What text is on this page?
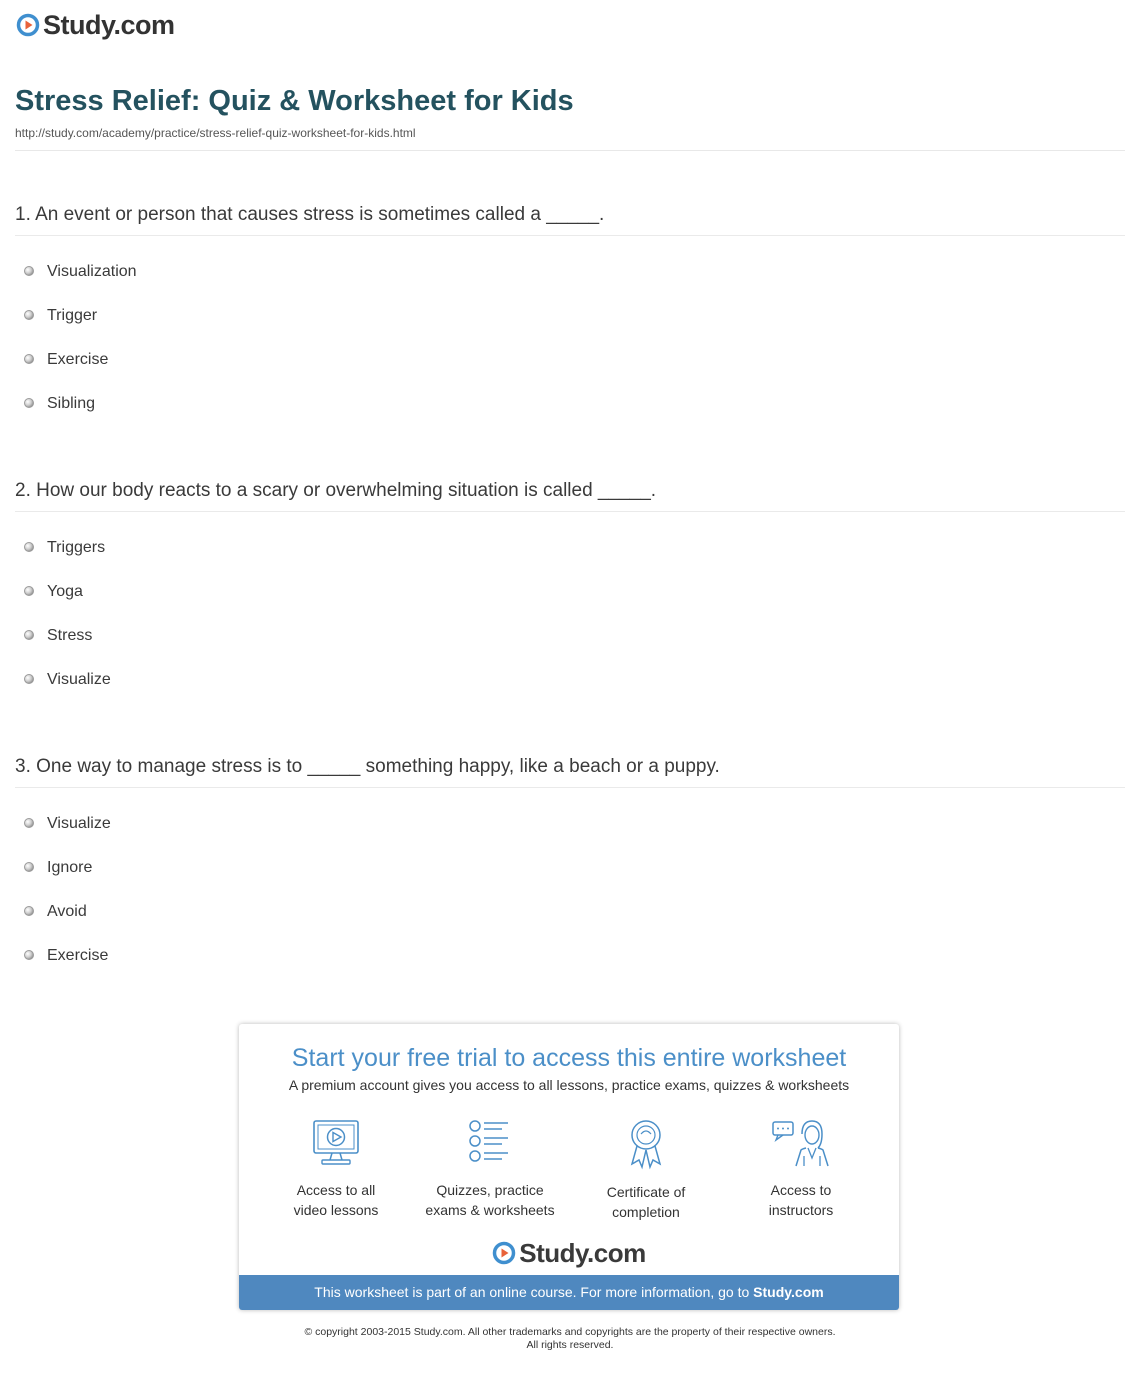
Study.com
Stress Relief: Quiz & Worksheet for Kids
http://study.com/academy/practice/stress-relief-quiz-worksheet-for-kids.html
1. An event or person that causes stress is sometimes called a _____.
Visualization
Trigger
Exercise
Sibling
2. How our body reacts to a scary or overwhelming situation is called _____.
Triggers
Yoga
Stress
Visualize
3. One way to manage stress is to _____ something happy, like a beach or a puppy.
Visualize
Ignore
Avoid
Exercise
Start your free trial to access this entire worksheet
A premium account gives you access to all lessons, practice exams, quizzes & worksheets
Access to all
video lessons
Quizzes, practice
exams & worksheets
Certificate of
completion
Access to
instructors
Study.com
This worksheet is part of an online course. For more information, go to Study.com
© copyright 2003-2015 Study.com. All other trademarks and copyrights are the property of their respective owners.
All rights reserved.
